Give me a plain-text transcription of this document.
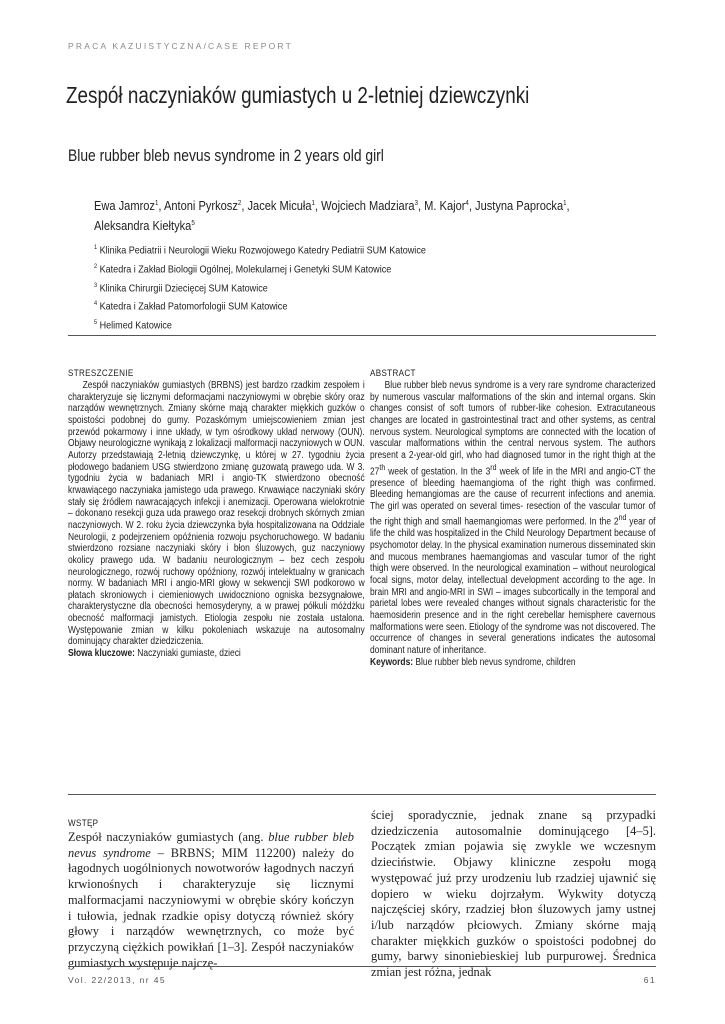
PRACA KAZUISTYCZNA/CASE REPORT
Zespół naczyniaków gumiastych u 2-letniej dziewczynki
Blue rubber bleb nevus syndrome in 2 years old girl
Ewa Jamroz$^1$, Antoni Pyrkosz$^2$, Jacek Micuła$^1$, Wojciech Madziara$^3$, M. Kajor$^4$, Justyna Paprocka$^1$,
Aleksandra Kiełtyka$^5$
$^1$ Klinika Pediatrii i Neurologii Wieku Rozwojowego Katedry Pediatrii SUM Katowice
$^2$ Katedra i Zakład Biologii Ogólnej, Molekularnej i Genetyki SUM Katowice
$^3$ Klinika Chirurgii Dziecięcej SUM Katowice
$^4$ Katedra i Zakład Patomorfologii SUM Katowice
$^5$ Helimed Katowice
STRESZCZENIE

Zespół naczyniaków gumiastych (BRBNS) jest bardzo rzadkim zespołem i charakteryzuje się licznymi deformacjami naczyniowymi w obrębie skóry oraz narządów wewnętrznych. Zmiany skórne mają charakter miękkich guzków o spoistości podobnej do gumy. Pozaskórnym umiejscowieniem zmian jest przewód pokarmowy i inne układy, w tym ośrodkowy układ nerwowy (OUN). Objawy neurologiczne wynikają z lokalizacji malformacji naczyniowych w OUN. Autorzy przedstawiają 2-letnią dziewczynkę, u której w 27. tygodniu życia płodowego badaniem USG stwierdzono zmianę guzowatą prawego uda. W 3. tygodniu życia w badaniach MRI i angio-TK stwierdzono obecność krwawiącego naczyniaka jamistego uda prawego. Krwawiące naczyniaki skóry stały się źródłem nawracających infekcji i anemizacji. Operowana wielokrotnie – dokonano resekcji guza uda prawego oraz resekcji drobnych skórnych zmian naczyniowych. W 2. roku życia dziewczynka była hospitalizowana na Oddziale Neurologii, z podejrzeniem opóźnienia rozwoju psychoruchowego. W badaniu stwierdzono rozsiane naczyniaki skóry i błon śluzowych, guz naczyniowy okolicy prawego uda. W badaniu neurologicznym – bez cech zespołu neurologicznego, rozwój ruchowy opóźniony, rozwój intelektualny w granicach normy. W badaniach MRI i angio-MRI głowy w sekwencji SWI podkorowo w płatach skroniowych i ciemieniowych uwidoczniono ogniska bezsygnałowe, charakterystyczne dla obecności hemosyderyny, a w prawej półkuli móżdżku obecność malformacji jamistych. Etiologia zespołu nie została ustalona. Występowanie zmian w kilku pokoleniach wskazuje na autosomalny dominujący charakter dziedziczenia.

Słowa kluczowe: Naczyniaki gumiaste, dzieci

ABSTRACT

Blue rubber bleb nevus syndrome is a very rare syndrome characterized by numerous vascular malformations of the skin and internal organs. Skin changes consist of soft tumors of rubber-like cohesion. Extracutaneous changes are located in gastrointestinal tract and other systems, as central nervous system. Neurological symptoms are connected with the location of vascular malformations within the central nervous system. The authors present a 2-year-old girl, who had diagnosed tumor in the right thigh at the 27th week of gestation. In the 3rd week of life in the MRI and angio-CT the presence of bleeding haemangioma of the right thigh was confirmed. Bleeding hemangiomas are the cause of recurrent infections and anemia. The girl was operated on several times- resection of the vascular tumor of the right thigh and small haemangiomas were performed. In the 2nd year of life the child was hospitalized in the Child Neurology Department because of psychomotor delay. In the physical examination numerous disseminated skin and mucous membranes haemangiomas and vascular tumor of the right thigh were observed. In the neurological examination – without neurological focal signs, motor delay, intellectual development according to the age. In brain MRI and angio-MRI in SWI – images subcortically in the temporal and parietal lobes were revealed changes without signals characteristic for the haemosiderin presence and in the right cerebellar hemisphere cavernous malformations were seen. Etiology of the syndrome was not discovered. The occurrence of changes in several generations indicates the autosomal dominant nature of inheritance.

Keywords: Blue rubber bleb nevus syndrome, children

WSTĘP

Zespół naczyniaków gumiastych (ang. blue rubber bleb nevus syndrome – BRBNS; MIM 112200) należy do łagodnych uogólnionych nowotworów łagodnych naczyń krwionośnych i charakteryzuje się licznymi malformacjami naczyniowymi w obrębie skóry kończyn i tułowia, jednak rzadkie opisy dotyczą również skóry głowy i narządów wewnętrznych, co może być przyczyną ciężkich powikłań [1–3]. Zespół naczyniaków gumiastych występuje najczę-

ściej sporadycznie, jednak znane są przypadki dziedziczenia autosomalnie dominującego [4–5]. Początek zmian pojawia się zwykle we wczesnym dzieciństwie. Objawy kliniczne zespołu mogą występować już przy urodzeniu lub rzadziej ujawnić się dopiero w wieku dojrzałym. Wykwity dotyczą najczęściej skóry, rzadziej błon śluzowych jamy ustnej i/lub narządów płciowych. Zmiany skórne mają charakter miękkich guzków o spoistości podobnej do gumy, barwy sinoniebieskiej lub purpurowej. Średnica zmian jest różna, jednak

Vol. 22/2013, nr 45	61
